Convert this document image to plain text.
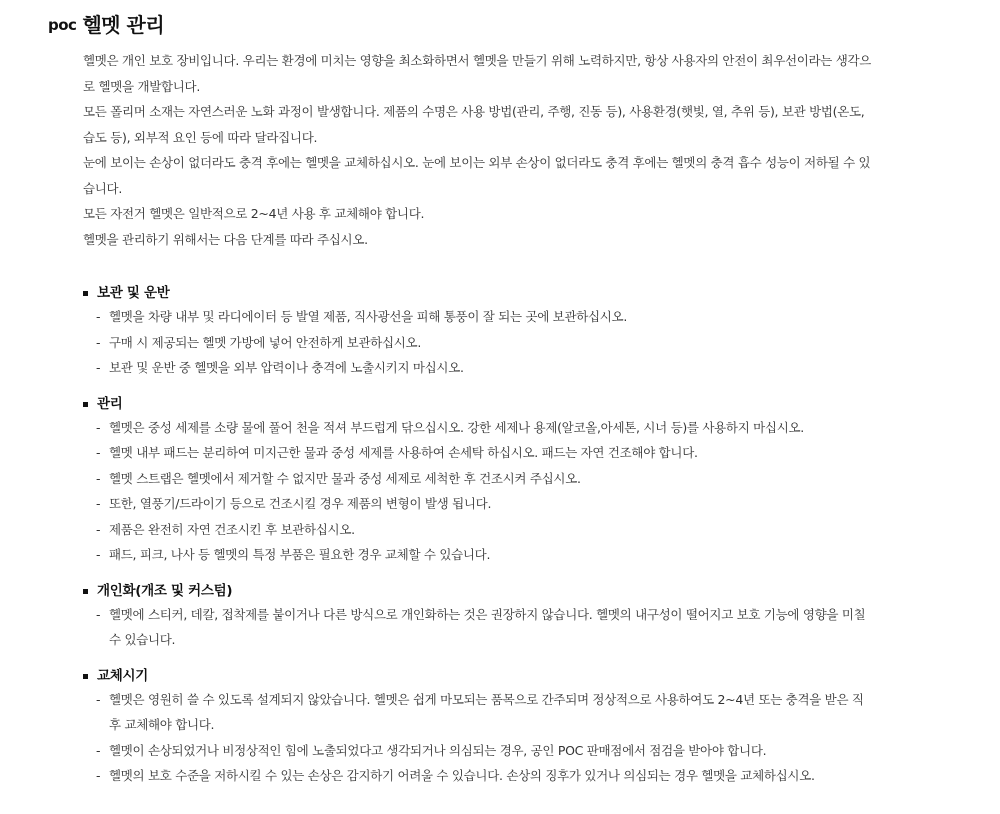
poc 헬멧 관리

헬멧은 개인 보호 장비입니다. 우리는 환경에 미치는 영향을 최소화하면서 헬멧을 만들기 위해 노력하지만, 항상 사용자의 안전이 최우선이라는 생각으로 헬멧을 개발합니다.

모든 폴리머 소재는 자연스러운 노화 과정이 발생합니다. 제품의 수명은 사용 방법(관리, 주행, 진동 등), 사용환경(햇빛, 열, 추위 등), 보관 방법(온도, 습도 등), 외부적 요인 등에 따라 달라집니다.

눈에 보이는 손상이 없더라도 충격 후에는 헬멧을 교체하십시오. 눈에 보이는 외부 손상이 없더라도 충격 후에는 헬멧의 충격 흡수 성능이 저하될 수 있습니다.

모든 자전거 헬멧은 일반적으로 2~4년 사용 후 교체해야 합니다.

헬멧을 관리하기 위해서는 다음 단계를 따라 주십시오.

보관 및 운반
- 헬멧을 차량 내부 및 라디에이터 등 발열 제품, 직사광선을 피해 통풍이 잘 되는 곳에 보관하십시오.
- 구매 시 제공되는 헬멧 가방에 넣어 안전하게 보관하십시오.
- 보관 및 운반 중 헬멧을 외부 압력이나 충격에 노출시키지 마십시오.
관리
- 헬멧은 중성 세제를 소량 물에 풀어 천을 적셔 부드럽게 닦으십시오. 강한 세제나 용제(알코올,아세톤, 시너 등)를 사용하지 마십시오.
- 헬멧 내부 패드는 분리하여 미지근한 물과 중성 세제를 사용하여 손세탁 하십시오. 패드는 자연 건조해야 합니다.
- 헬멧 스트랩은 헬멧에서 제거할 수 없지만 물과 중성 세제로 세척한 후 건조시켜 주십시오.
- 또한, 열풍기/드라이기 등으로 건조시킬 경우 제품의 변형이 발생 됩니다.
- 제품은 완전히 자연 건조시킨 후 보관하십시오.
- 패드, 피크, 나사 등 헬멧의 특정 부품은 필요한 경우 교체할 수 있습니다.
개인화(개조 및 커스텀)
- 헬멧에 스티커, 데칼, 접착제를 붙이거나 다른 방식으로 개인화하는 것은 권장하지 않습니다. 헬멧의 내구성이 떨어지고 보호 기능에 영향을 미칠 수 있습니다.
교체시기
- 헬멧은 영원히 쓸 수 있도록 설계되지 않았습니다. 헬멧은 쉽게 마모되는 품목으로 간주되며 정상적으로 사용하여도 2~4년 또는 충격을 받은 직후 교체해야 합니다.
- 헬멧이 손상되었거나 비정상적인 힘에 노출되었다고 생각되거나 의심되는 경우, 공인 POC 판매점에서 점검을 받아야 합니다.
- 헬멧의 보호 수준을 저하시킬 수 있는 손상은 감지하기 어려울 수 있습니다. 손상의 징후가 있거나 의심되는 경우 헬멧을 교체하십시오.
